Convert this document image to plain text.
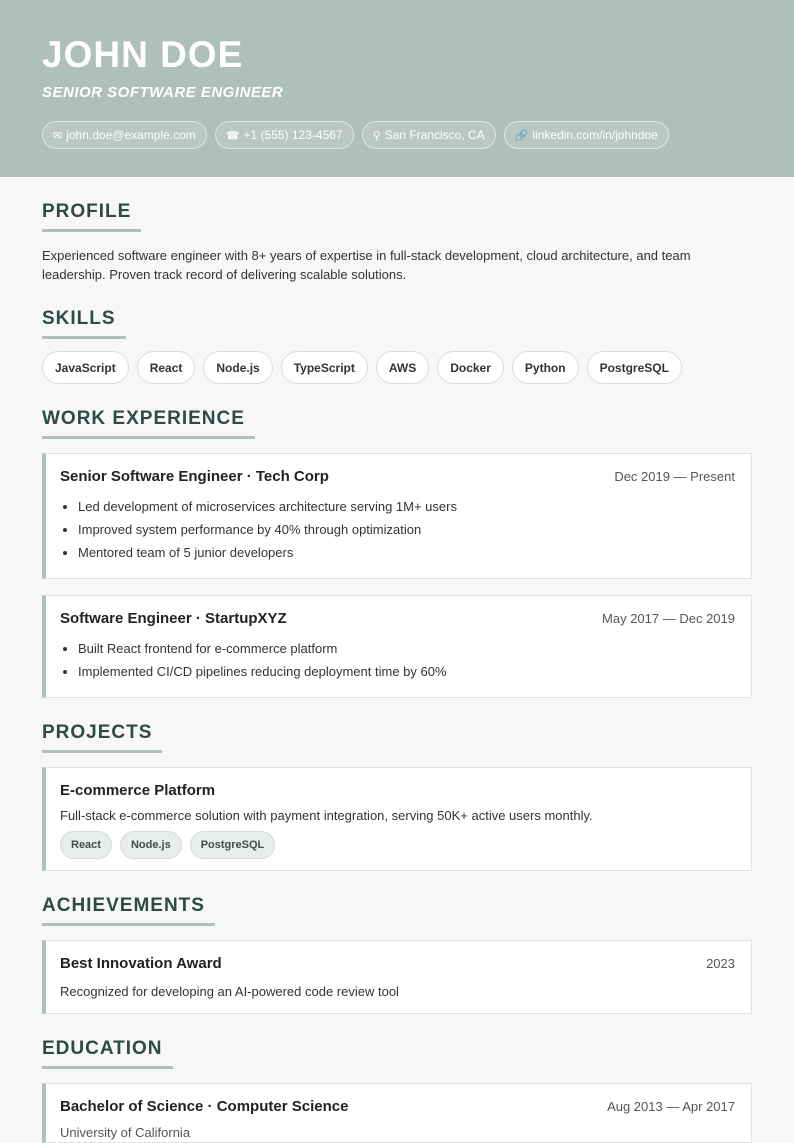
JOHN DOE
SENIOR SOFTWARE ENGINEER
✉ john.doe@example.com	☎ +1 (555) 123-4567	⚲ San Francisco, CA	🔗 linkedin.com/in/johndoe
PROFILE
Experienced software engineer with 8+ years of expertise in full-stack development, cloud architecture, and team leadership. Proven track record of delivering scalable solutions.
SKILLS
JavaScript	React	Node.js	TypeScript	AWS	Docker	Python	PostgreSQL
WORK EXPERIENCE
Senior Software Engineer · Tech Corp	Dec 2019 — Present
• Led development of microservices architecture serving 1M+ users
• Improved system performance by 40% through optimization
• Mentored team of 5 junior developers
Software Engineer · StartupXYZ	May 2017 — Dec 2019
• Built React frontend for e-commerce platform
• Implemented CI/CD pipelines reducing deployment time by 60%
PROJECTS
E-commerce Platform
Full-stack e-commerce solution with payment integration, serving 50K+ active users monthly.
React	Node.js	PostgreSQL
ACHIEVEMENTS
Best Innovation Award	2023
Recognized for developing an AI-powered code review tool
EDUCATION
Bachelor of Science · Computer Science	Aug 2013 — Apr 2017
University of California
